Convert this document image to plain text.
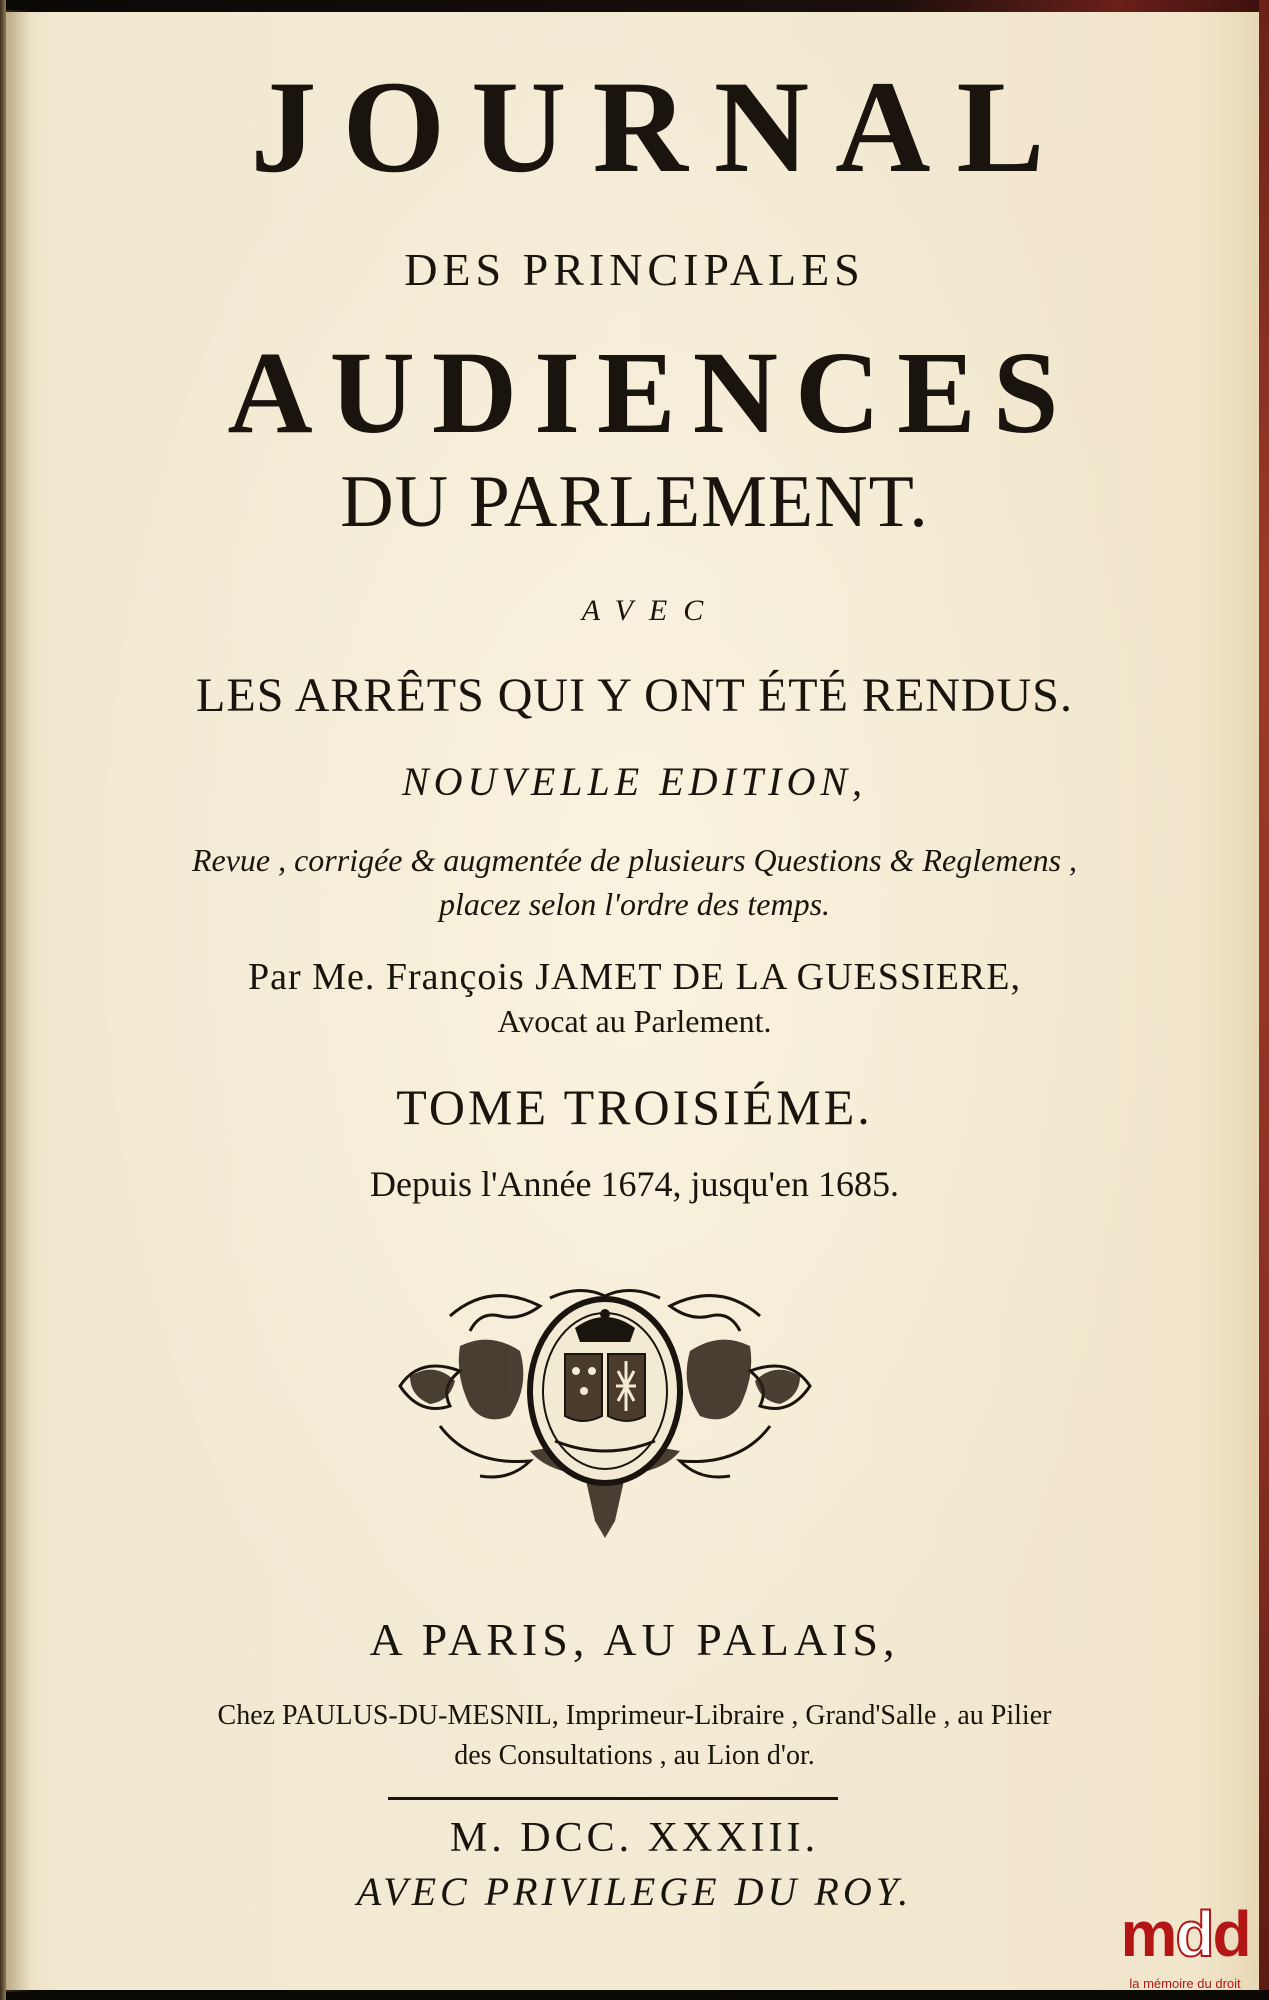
JOURNAL
DES PRINCIPALES
AUDIENCES
DU PARLEMENT.
AVEC
LES ARRÊTS QUI Y ONT ÉTÉ RENDUS.
NOUVELLE EDITION,
Revue , corrigée & augmentée de plusieurs Questions & Reglemens ,
placez selon l'ordre des temps.
Par Me. François JAMET DE LA GUESSIERE,
Avocat au Parlement.
TOME TROISIÉME.
Depuis l'Année 1674, jusqu'en 1685.
A PARIS, AU PALAIS,
Chez PAULUS-DU-MESNIL, Imprimeur-Libraire , Grand'Salle , au Pilier
des Consultations , au Lion d'or.
M. DCC. XXXIII.
AVEC PRIVILEGE DU ROY.
mdd
la mémoire du droit
